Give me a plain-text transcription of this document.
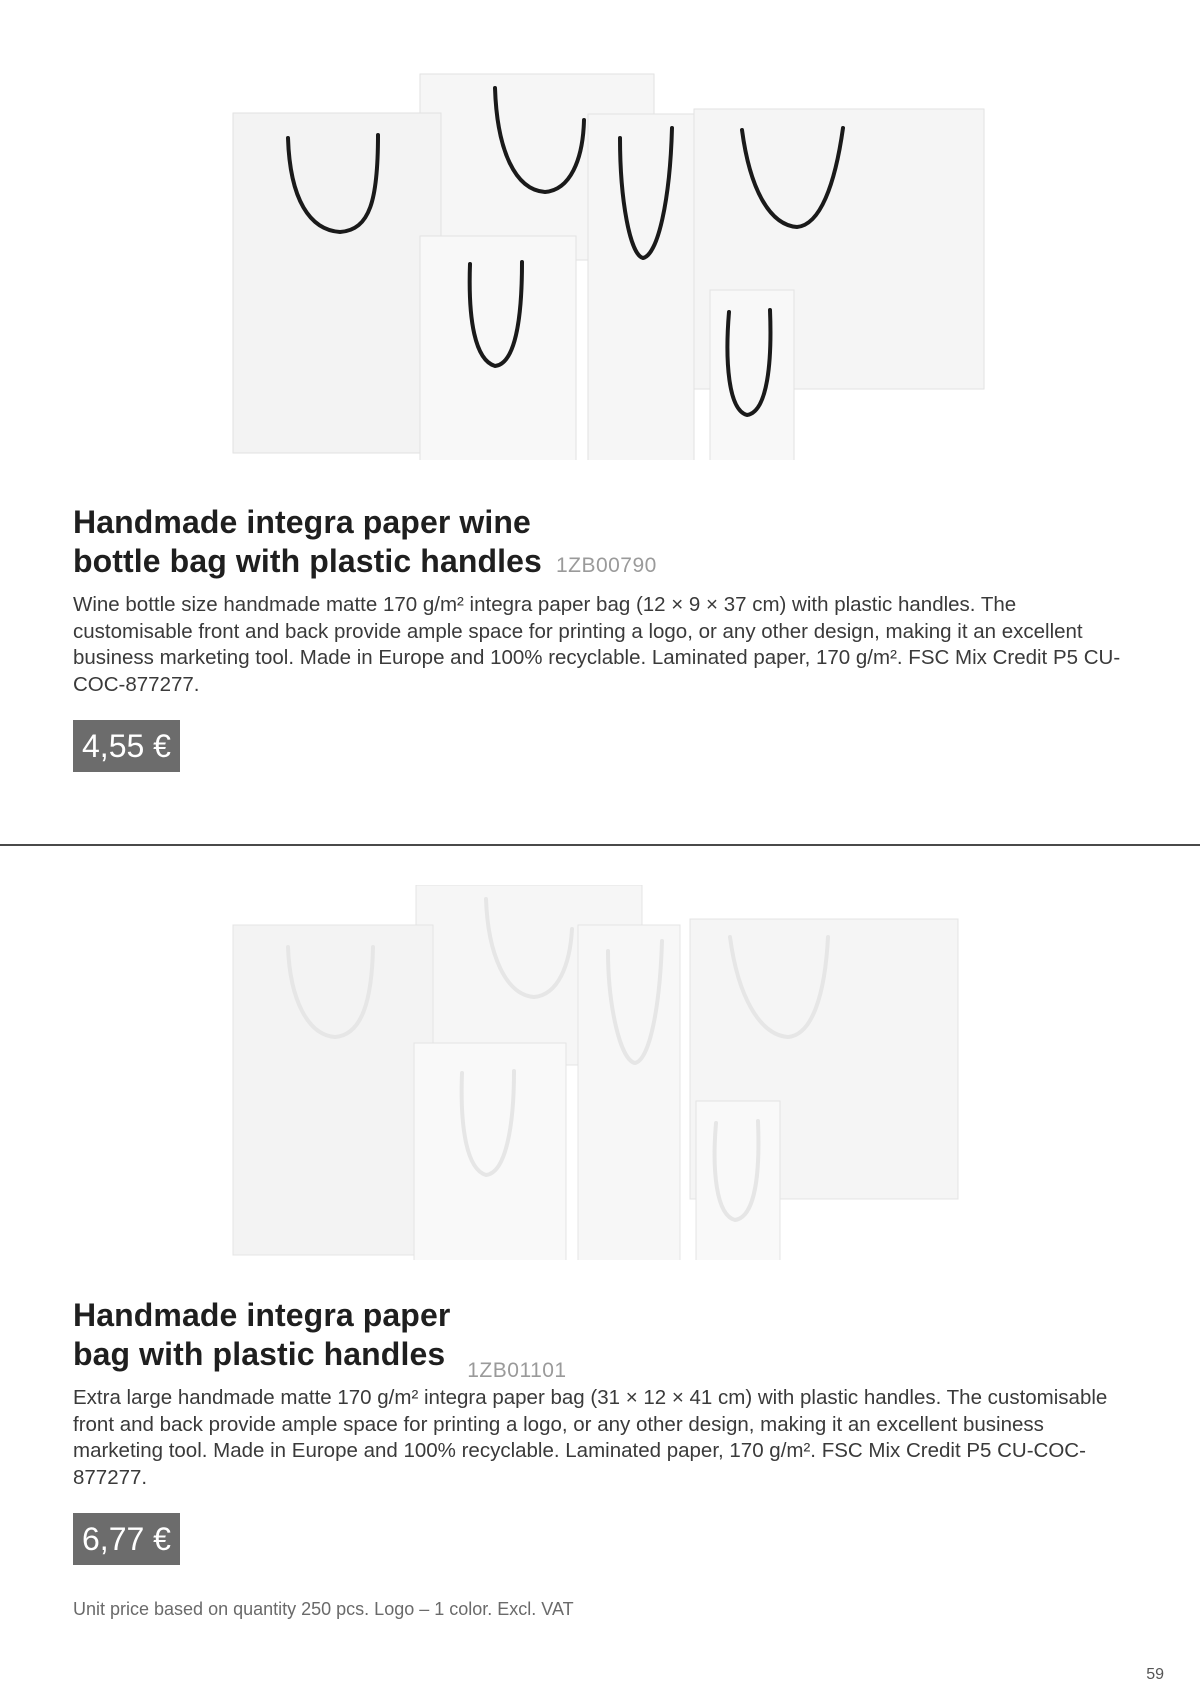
Handmade integra paper wine
bottle bag with plastic handles 1ZB00790

Wine bottle size handmade matte 170 g/m² integra paper bag (12 × 9 × 37 cm) with plastic handles. The customisable front and back provide ample space for printing a logo, or any other design, making it an excellent business marketing tool. Made in Europe and 100% recyclable. Laminated paper, 170 g/m². FSC Mix Credit P5 CU-COC-877277.

4,55 €
Handmade integra paper
bag with plastic handles $_{1ZB01101}$

Extra large handmade matte 170 g/m² integra paper bag (31 × 12 × 41 cm) with plastic handles. The customisable front and back provide ample space for printing a logo, or any other design, making it an excellent business marketing tool. Made in Europe and 100% recyclable. Laminated paper, 170 g/m². FSC Mix Credit P5 CU-COC-877277.

6,77 €
Unit price based on quantity 250 pcs. Logo – 1 color. Excl. VAT
59
